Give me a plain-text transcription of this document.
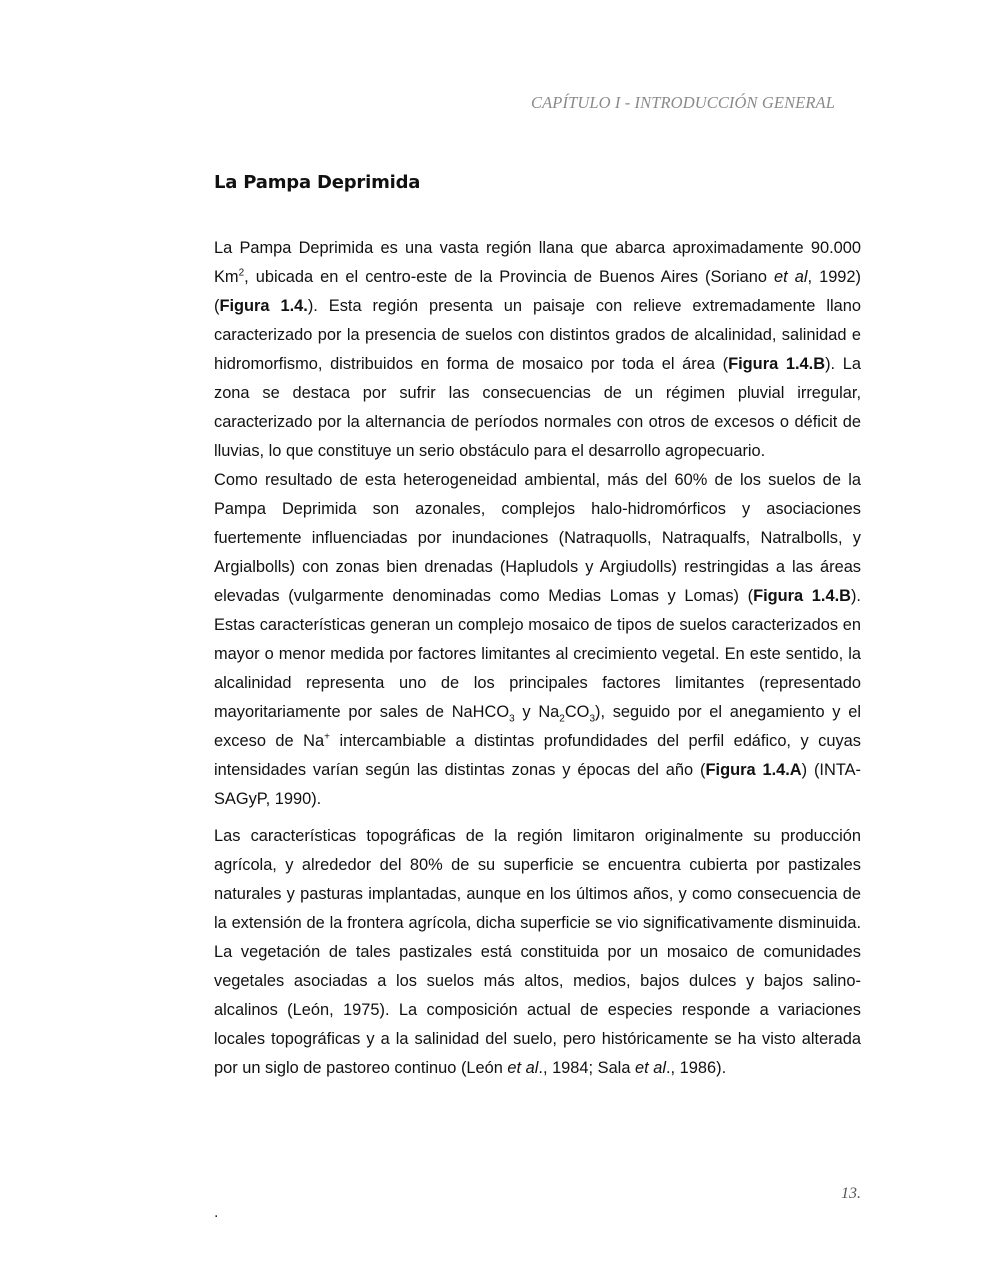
CAPÍTULO I - INTRODUCCIÓN GENERAL
La Pampa Deprimida

La Pampa Deprimida es una vasta región llana que abarca aproximadamente 90.000 Km$^2$, ubicada en el centro-este de la Provincia de Buenos Aires (Soriano et al, 1992) (Figura 1.4.). Esta región presenta un paisaje con relieve extremadamente llano caracterizado por la presencia de suelos con distintos grados de alcalinidad, salinidad e hidromorfismo, distribuidos en forma de mosaico por toda el área (Figura 1.4.B). La zona se destaca por sufrir las consecuencias de un régimen pluvial irregular, caracterizado por la alternancia de períodos normales con otros de excesos o déficit de lluvias, lo que constituye un serio obstáculo para el desarrollo agropecuario.

Como resultado de esta heterogeneidad ambiental, más del 60% de los suelos de la Pampa Deprimida son azonales, complejos halo-hidromórficos y asociaciones fuertemente influenciadas por inundaciones (Natraquolls, Natraqualfs, Natralbolls, y Argialbolls) con zonas bien drenadas (Hapludols y Argiudolls) restringidas a las áreas elevadas (vulgarmente denominadas como Medias Lomas y Lomas) (Figura 1.4.B). Estas características generan un complejo mosaico de tipos de suelos caracterizados en mayor o menor medida por factores limitantes al crecimiento vegetal. En este sentido, la alcalinidad representa uno de los principales factores limitantes (representado mayoritariamente por sales de NaHCO$_3$ y $Na_2CO_3$), seguido por el anegamiento y el exceso de Na+ intercambiable a distintas profundidades del perfil edáfico, y cuyas intensidades varían según las distintas zonas y épocas del año (Figura 1.4.A) (INTA-SAGyP, 1990).

Las características topográficas de la región limitaron originalmente su producción agrícola, y alrededor del 80% de su superficie se encuentra cubierta por pastizales naturales y pasturas implantadas, aunque en los últimos años, y como consecuencia de la extensión de la frontera agrícola, dicha superficie se vio significativamente disminuida. La vegetación de tales pastizales está constituida por un mosaico de comunidades vegetales asociadas a los suelos más altos, medios, bajos dulces y bajos salino-alcalinos (León, 1975). La composición actual de especies responde a variaciones locales topográficas y a la salinidad del suelo, pero históricamente se ha visto alterada por un siglo de pastoreo continuo (León et al., 1984; Sala et al., 1986).

13.
.
